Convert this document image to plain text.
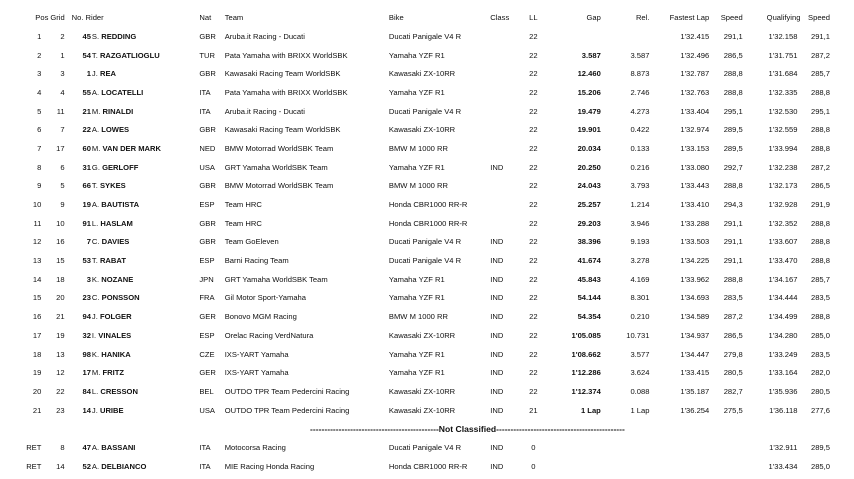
Pos	Grid	No. Rider		Nat	Team	Bike	Class	LL	Gap	Rel.	Fastest Lap	Speed	Qualifying	Speed
1	2	45	S. REDDING	GBR	Aruba.it Racing - Ducati	Ducati Panigale V4 R		22			1'32.415	291,1	1'32.158	291,1
2	1	54	T. RAZGATLIOGLU	TUR	Pata Yamaha with BRIXX WorldSBK	Yamaha YZF R1		22	3.587	3.587	1'32.496	286,5	1'31.751	287,2
3	3	1	J. REA	GBR	Kawasaki Racing Team WorldSBK	Kawasaki ZX-10RR		22	12.460	8.873	1'32.787	288,8	1'31.684	285,7
4	4	55	A. LOCATELLI	ITA	Pata Yamaha with BRIXX WorldSBK	Yamaha YZF R1		22	15.206	2.746	1'32.763	288,8	1'32.335	288,8
5	11	21	M. RINALDI	ITA	Aruba.it Racing - Ducati	Ducati Panigale V4 R		22	19.479	4.273	1'33.404	295,1	1'32.530	295,1
6	7	22	A. LOWES	GBR	Kawasaki Racing Team WorldSBK	Kawasaki ZX-10RR		22	19.901	0.422	1'32.974	289,5	1'32.559	288,8
7	17	60	M. VAN DER MARK	NED	BMW Motorrad WorldSBK Team	BMW M 1000 RR		22	20.034	0.133	1'33.153	289,5	1'33.994	288,8
8	6	31	G. GERLOFF	USA	GRT Yamaha WorldSBK Team	Yamaha YZF R1	IND	22	20.250	0.216	1'33.080	292,7	1'32.238	287,2
9	5	66	T. SYKES	GBR	BMW Motorrad WorldSBK Team	BMW M 1000 RR		22	24.043	3.793	1'33.443	288,8	1'32.173	286,5
10	9	19	A. BAUTISTA	ESP	Team HRC	Honda CBR1000 RR-R		22	25.257	1.214	1'33.410	294,3	1'32.928	291,9
11	10	91	L. HASLAM	GBR	Team HRC	Honda CBR1000 RR-R		22	29.203	3.946	1'33.288	291,1	1'32.352	288,8
12	16	7	C. DAVIES	GBR	Team GoEleven	Ducati Panigale V4 R	IND	22	38.396	9.193	1'33.503	291,1	1'33.607	288,8
13	15	53	T. RABAT	ESP	Barni Racing Team	Ducati Panigale V4 R	IND	22	41.674	3.278	1'34.225	291,1	1'33.470	288,8
14	18	3	K. NOZANE	JPN	GRT Yamaha WorldSBK Team	Yamaha YZF R1	IND	22	45.843	4.169	1'33.962	288,8	1'34.167	285,7
15	20	23	C. PONSSON	FRA	Gil Motor Sport-Yamaha	Yamaha YZF R1	IND	22	54.144	8.301	1'34.693	283,5	1'34.444	283,5
16	21	94	J. FOLGER	GER	Bonovo MGM Racing	BMW M 1000 RR	IND	22	54.354	0.210	1'34.589	287,2	1'34.499	288,8
17	19	32	I. VINALES	ESP	Orelac Racing VerdNatura	Kawasaki ZX-10RR	IND	22	1'05.085	10.731	1'34.937	286,5	1'34.280	285,0
18	13	98	K. HANIKA	CZE	IXS-YART Yamaha	Yamaha YZF R1	IND	22	1'08.662	3.577	1'34.447	279,8	1'33.249	283,5
19	12	17	M. FRITZ	GER	IXS-YART Yamaha	Yamaha YZF R1	IND	22	1'12.286	3.624	1'33.415	280,5	1'33.164	282,0
20	22	84	L. CRESSON	BEL	OUTDO TPR Team Pedercini Racing	Kawasaki ZX-10RR	IND	22	1'12.374	0.088	1'35.187	282,7	1'35.936	280,5
21	23	14	J. URIBE	USA	OUTDO TPR Team Pedercini Racing	Kawasaki ZX-10RR	IND	21	1 Lap	1 Lap	1'36.254	275,5	1'36.118	277,6
					---------------------------------------------Not Classified---------------------------------------------									
RET	8	47	A. BASSANI	ITA	Motocorsa Racing	Ducati Panigale V4 R	IND	0					1'32.911	289,5
RET	14	52	A. DELBIANCO	ITA	MIE Racing Honda Racing	Honda CBR1000 RR-R	IND	0					1'33.434	285,0
